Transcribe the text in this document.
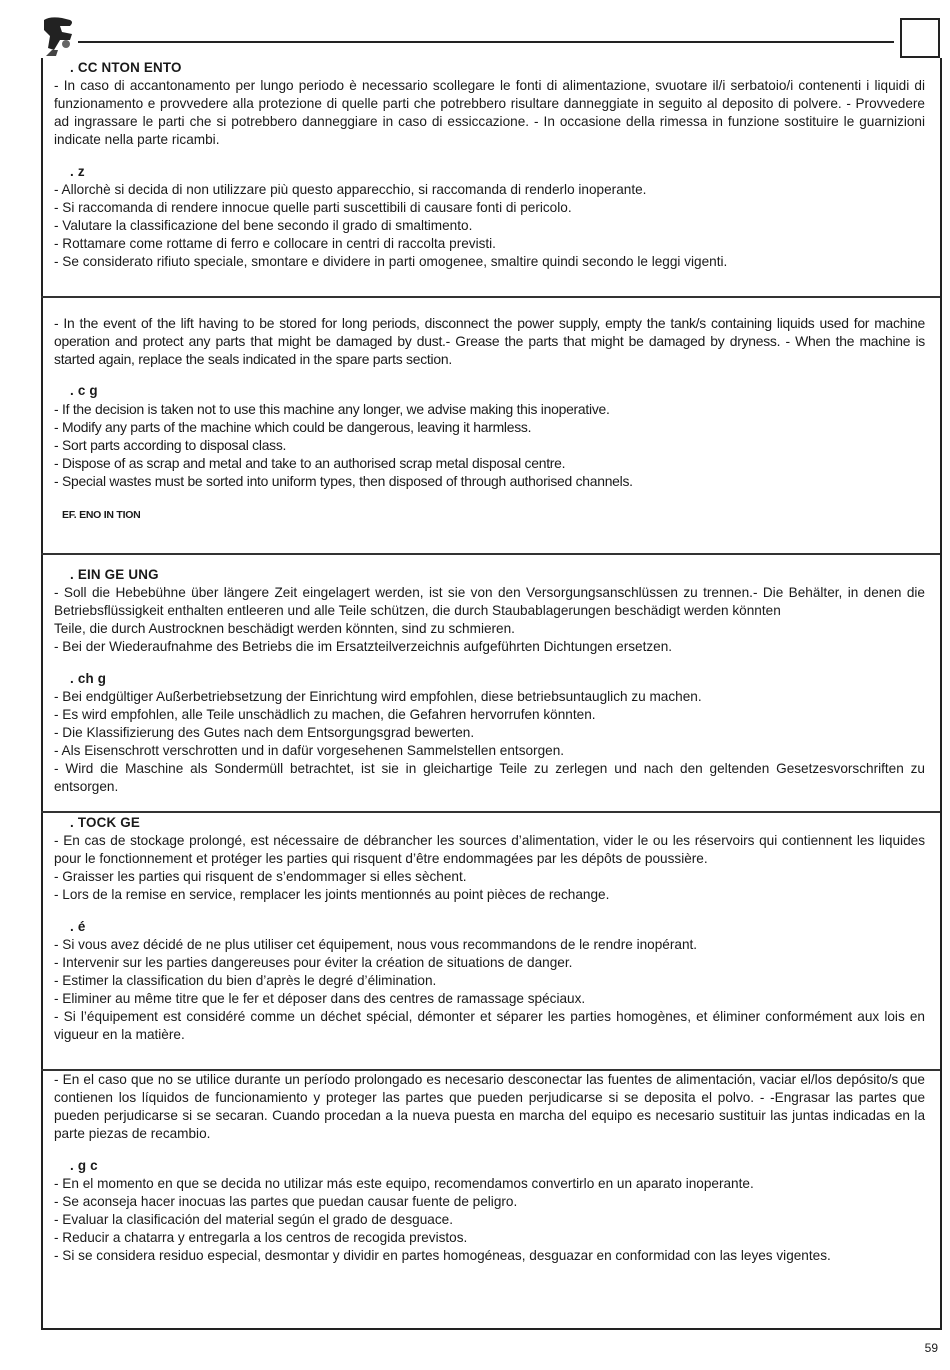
. CC NTON ENTO

- In caso di accantonamento per lungo periodo è necessario scollegare le fonti di alimentazione, svuotare il/i serbatoio/i contenenti i liquidi di funzionamento e provvedere alla protezione di quelle parti che potrebbero risultare danneggiate in seguito al deposito di polvere. - Provvedere ad ingrassare le parti che si potrebbero danneggiare in caso di essiccazione. - In occasione della rimessa in funzione sostituire le guarnizioni indicate nella parte ricambi.

. z
- Allorchè si decida di non utilizzare più questo apparecchio, si raccomanda di renderlo inoperante.
- Si raccomanda di rendere innocue quelle parti suscettibili di causare fonti di pericolo.
- Valutare la classificazione del bene secondo il grado di smaltimento.
- Rottamare come rottame di ferro e collocare in centri di raccolta previsti.
- Se considerato rifiuto speciale, smontare e dividere in parti omogenee, smaltire quindi secondo le leggi vigenti.

- In the event of the lift having to be stored for long periods, disconnect the power supply, empty the tank/s containing liquids used for machine operation and protect any parts that might be damaged by dust.- Grease the parts that might be damaged by dryness. - When the machine is started again, replace the seals indicated in the spare parts section.

. c g
- If the decision is taken not to use this machine any longer, we advise making this inoperative.
- Modify any parts of the machine which could be dangerous, leaving it harmless.
- Sort parts according to disposal class.
- Dispose of as scrap and metal and take to an authorised scrap metal disposal centre.
- Special wastes must be sorted into uniform types, then disposed of through authorised channels.
EF. ENO IN TION
. EIN GE UNG

- Soll die Hebebühne über längere Zeit eingelagert werden, ist sie von den Versorgungsanschlüssen zu trennen.- Die Behälter, in denen die Betriebsflüssigkeit enthalten entleeren und alle Teile schützen, die durch Staubablagerungen beschädigt werden könnten

Teile, die durch Austrocknen beschädigt werden könnten, sind zu schmieren.
- Bei der Wiederaufnahme des Betriebs die im Ersatzteilverzeichnis aufgeführten Dichtungen ersetzen.
. ch g
- Bei endgültiger Außerbetriebsetzung der Einrichtung wird empfohlen, diese betriebsuntauglich zu machen.
- Es wird empfohlen, alle Teile unschädlich zu machen, die Gefahren hervorrufen könnten.
- Die Klassifizierung des Gutes nach dem Entsorgungsgrad bewerten.
- Als Eisenschrott verschrotten und in dafür vorgesehenen Sammelstellen entsorgen.

- Wird die Maschine als Sondermüll betrachtet, ist sie in gleichartige Teile zu zerlegen und nach den geltenden Gesetzesvorschriften zu entsorgen.

. TOCK GE

- En cas de stockage prolongé, est nécessaire de débrancher les sources d’alimentation, vider le ou les réservoirs qui contiennent les liquides pour le fonctionnement et protéger les parties qui risquent d’être endommagées par les dépôts de poussière.

- Graisser les parties qui risquent de s’endommager si elles sèchent.
- Lors de la remise en service, remplacer les joints mentionnés au point pièces de rechange.
. é
- Si vous avez décidé de ne plus utiliser cet équipement, nous vous recommandons de le rendre inopérant.
- Intervenir sur les parties dangereuses pour éviter la création de situations de danger.
- Estimer la classification du bien d’après le degré d’élimination.
- Eliminer au même titre que le fer et déposer dans des centres de ramassage spéciaux.

- Si l’équipement est considéré comme un déchet spécial, démonter et séparer les parties homogènes, et éliminer conformément aux lois en vigueur en la matière.

- En el caso que no se utilice durante un período prolongado es necesario desconectar las fuentes de alimentación, vaciar el/los depósito/s que contienen los líquidos de funcionamiento y proteger las partes que pueden perjudicarse si se deposita el polvo. - -Engrasar las partes que pueden perjudicarse si se secaran. Cuando procedan a la nueva puesta en marcha del equipo es necesario sustituir las juntas indicadas en la parte piezas de recambio.

. g c
- En el momento en que se decida no utilizar más este equipo, recomendamos convertirlo en un aparato inoperante.
- Se aconseja hacer inocuas las partes que puedan causar fuente de peligro.
- Evaluar la clasificación del material según el grado de desguace.
- Reducir a chatarra y entregarla a los centros de recogida previstos.

- Si se considera residuo especial, desmontar y dividir en partes homogéneas, desguazar en conformidad con las leyes vigentes.

59
